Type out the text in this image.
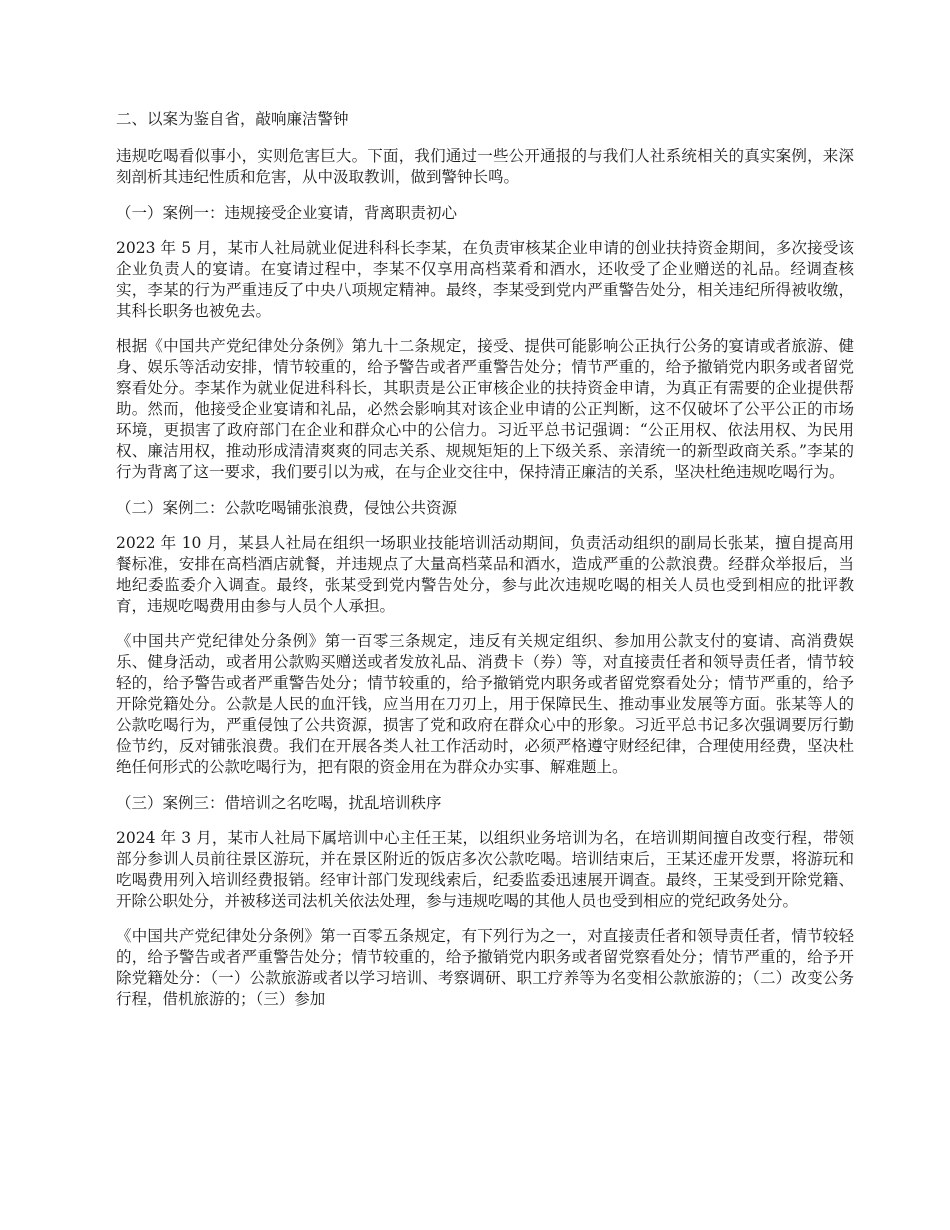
二、以案为鉴自省，敲响廉洁警钟
违规吃喝看似事小，实则危害巨大。下面，我们通过一些公开通报的与我们人社系统相关的真实案例，来深刻剖析其违纪性质和危害，从中汲取教训，做到警钟长鸣。
（一）案例一：违规接受企业宴请，背离职责初心
2023 年 5 月，某市人社局就业促进科科长李某，在负责审核某企业申请的创业扶持资金期间，多次接受该企业负责人的宴请。在宴请过程中，李某不仅享用高档菜肴和酒水，还收受了企业赠送的礼品。经调查核实，李某的行为严重违反了中央八项规定精神。最终，李某受到党内严重警告处分，相关违纪所得被收缴，其科长职务也被免去。
根据《中国共产党纪律处分条例》第九十二条规定，接受、提供可能影响公正执行公务的宴请或者旅游、健身、娱乐等活动安排，情节较重的，给予警告或者严重警告处分；情节严重的，给予撤销党内职务或者留党察看处分。李某作为就业促进科科长，其职责是公正审核企业的扶持资金申请，为真正有需要的企业提供帮助。然而，他接受企业宴请和礼品，必然会影响其对该企业申请的公正判断，这不仅破坏了公平公正的市场环境，更损害了政府部门在企业和群众心中的公信力。习近平总书记强调：“公正用权、依法用权、为民用权、廉洁用权，推动形成清清爽爽的同志关系、规规矩矩的上下级关系、亲清统一的新型政商关系。”李某的行为背离了这一要求，我们要引以为戒，在与企业交往中，保持清正廉洁的关系，坚决杜绝违规吃喝行为。
（二）案例二：公款吃喝铺张浪费，侵蚀公共资源
2022 年 10 月，某县人社局在组织一场职业技能培训活动期间，负责活动组织的副局长张某，擅自提高用餐标准，安排在高档酒店就餐，并违规点了大量高档菜品和酒水，造成严重的公款浪费。经群众举报后，当地纪委监委介入调查。最终，张某受到党内警告处分，参与此次违规吃喝的相关人员也受到相应的批评教育，违规吃喝费用由参与人员个人承担。
《中国共产党纪律处分条例》第一百零三条规定，违反有关规定组织、参加用公款支付的宴请、高消费娱乐、健身活动，或者用公款购买赠送或者发放礼品、消费卡（券）等，对直接责任者和领导责任者，情节较轻的，给予警告或者严重警告处分；情节较重的，给予撤销党内职务或者留党察看处分；情节严重的，给予开除党籍处分。公款是人民的血汗钱，应当用在刀刃上，用于保障民生、推动事业发展等方面。张某等人的公款吃喝行为，严重侵蚀了公共资源，损害了党和政府在群众心中的形象。习近平总书记多次强调要厉行勤俭节约，反对铺张浪费。我们在开展各类人社工作活动时，必须严格遵守财经纪律，合理使用经费，坚决杜绝任何形式的公款吃喝行为，把有限的资金用在为群众办实事、解难题上。
（三）案例三：借培训之名吃喝，扰乱培训秩序
2024 年 3 月，某市人社局下属培训中心主任王某，以组织业务培训为名，在培训期间擅自改变行程，带领部分参训人员前往景区游玩，并在景区附近的饭店多次公款吃喝。培训结束后，王某还虚开发票，将游玩和吃喝费用列入培训经费报销。经审计部门发现线索后，纪委监委迅速展开调查。最终，王某受到开除党籍、开除公职处分，并被移送司法机关依法处理，参与违规吃喝的其他人员也受到相应的党纪政务处分。
《中国共产党纪律处分条例》第一百零五条规定，有下列行为之一，对直接责任者和领导责任者，情节较轻的，给予警告或者严重警告处分；情节较重的，给予撤销党内职务或者留党察看处分；情节严重的，给予开除党籍处分：（一）公款旅游或者以学习培训、考察调研、职工疗养等为名变相公款旅游的；（二）改变公务行程，借机旅游的；（三）参加
